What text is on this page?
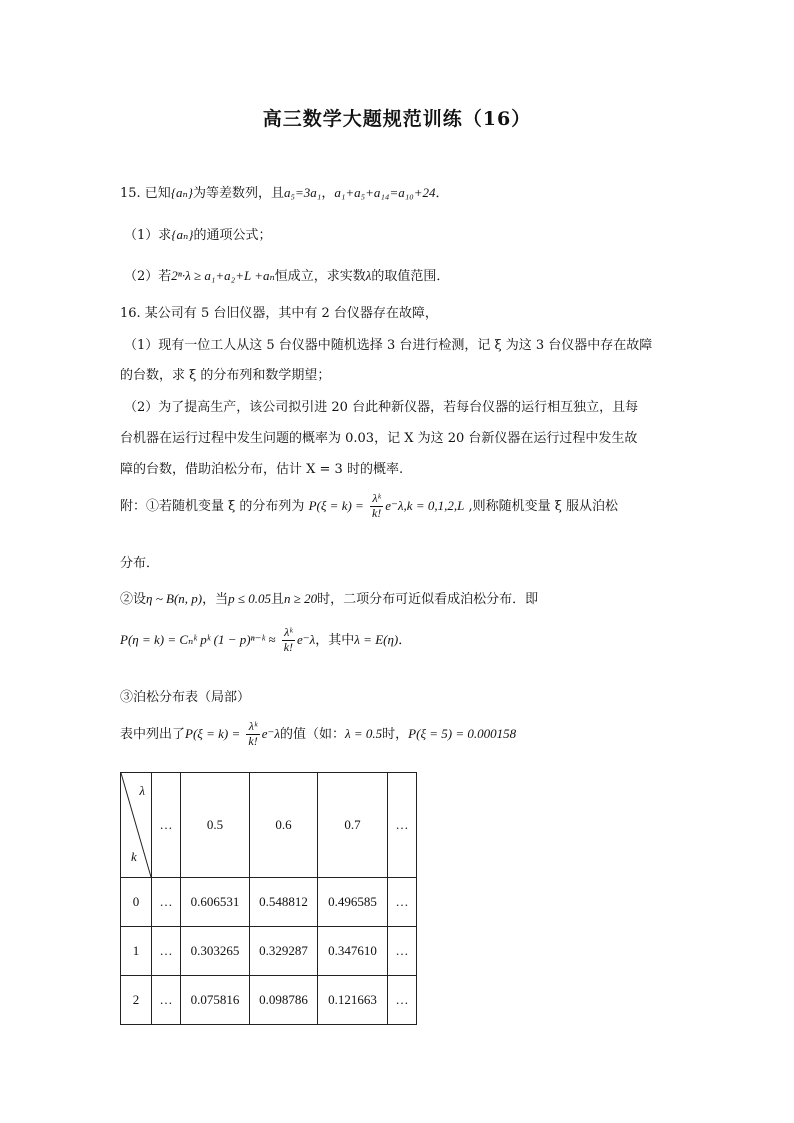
高三数学大题规范训练（16）
15. 已知{aₙ}为等差数列，且a₅=3a₁，a₁+a₅+a₁₄=a₁₀+24．
（1）求{aₙ}的通项公式；
（2）若2ⁿ·λ ≥ a₁+a₂+L +aₙ恒成立，求实数λ的取值范围．
16. 某公司有 5 台旧仪器，其中有 2 台仪器存在故障，
（1）现有一位工人从这 5 台仪器中随机选择 3 台进行检测，记 ξ 为这 3 台仪器中存在故障
的台数，求 ξ 的分布列和数学期望；
（2）为了提高生产，该公司拟引进 20 台此种新仪器，若每台仪器的运行相互独立，且每
台机器在运行过程中发生问题的概率为 0.03，记 X 为这 20 台新仪器在运行过程中发生故
障的台数，借助泊松分布，估计 X = 3 时的概率.
附：①若随机变量 ξ 的分布列为 $P(\xi = k) = \frac{\text{λᵏ}}{k!} e^-\lambda,k = 0,1,2,L$ ,则称随机变量 ξ 服从泊松
分布．
②设η ~ B(n, p)，当p ≤ 0.05且n ≥ 20时，二项分布可近似看成泊松分布．即
P(η = k) = Cₙᵏ pᵏ (1 − p)ⁿ⁻ᵏ ≈ $\frac{\text{λᵏ}}{k!} e^-\lambda$，其中λ = E(η)．
③泊松分布表（局部）
表中列出了$P(\xi = k) = \frac{\text{λᵏ}}{k!} e^-\lambda$的值（如：λ = 0.5时，P(ξ = 5) = 0.000158
λ
k	…	0.5	0.6	0.7	…
0	…	0.606531	0.548812	0.496585	…
1	…	0.303265	0.329287	0.347610	…
2	…	0.075816	0.098786	0.121663	…
